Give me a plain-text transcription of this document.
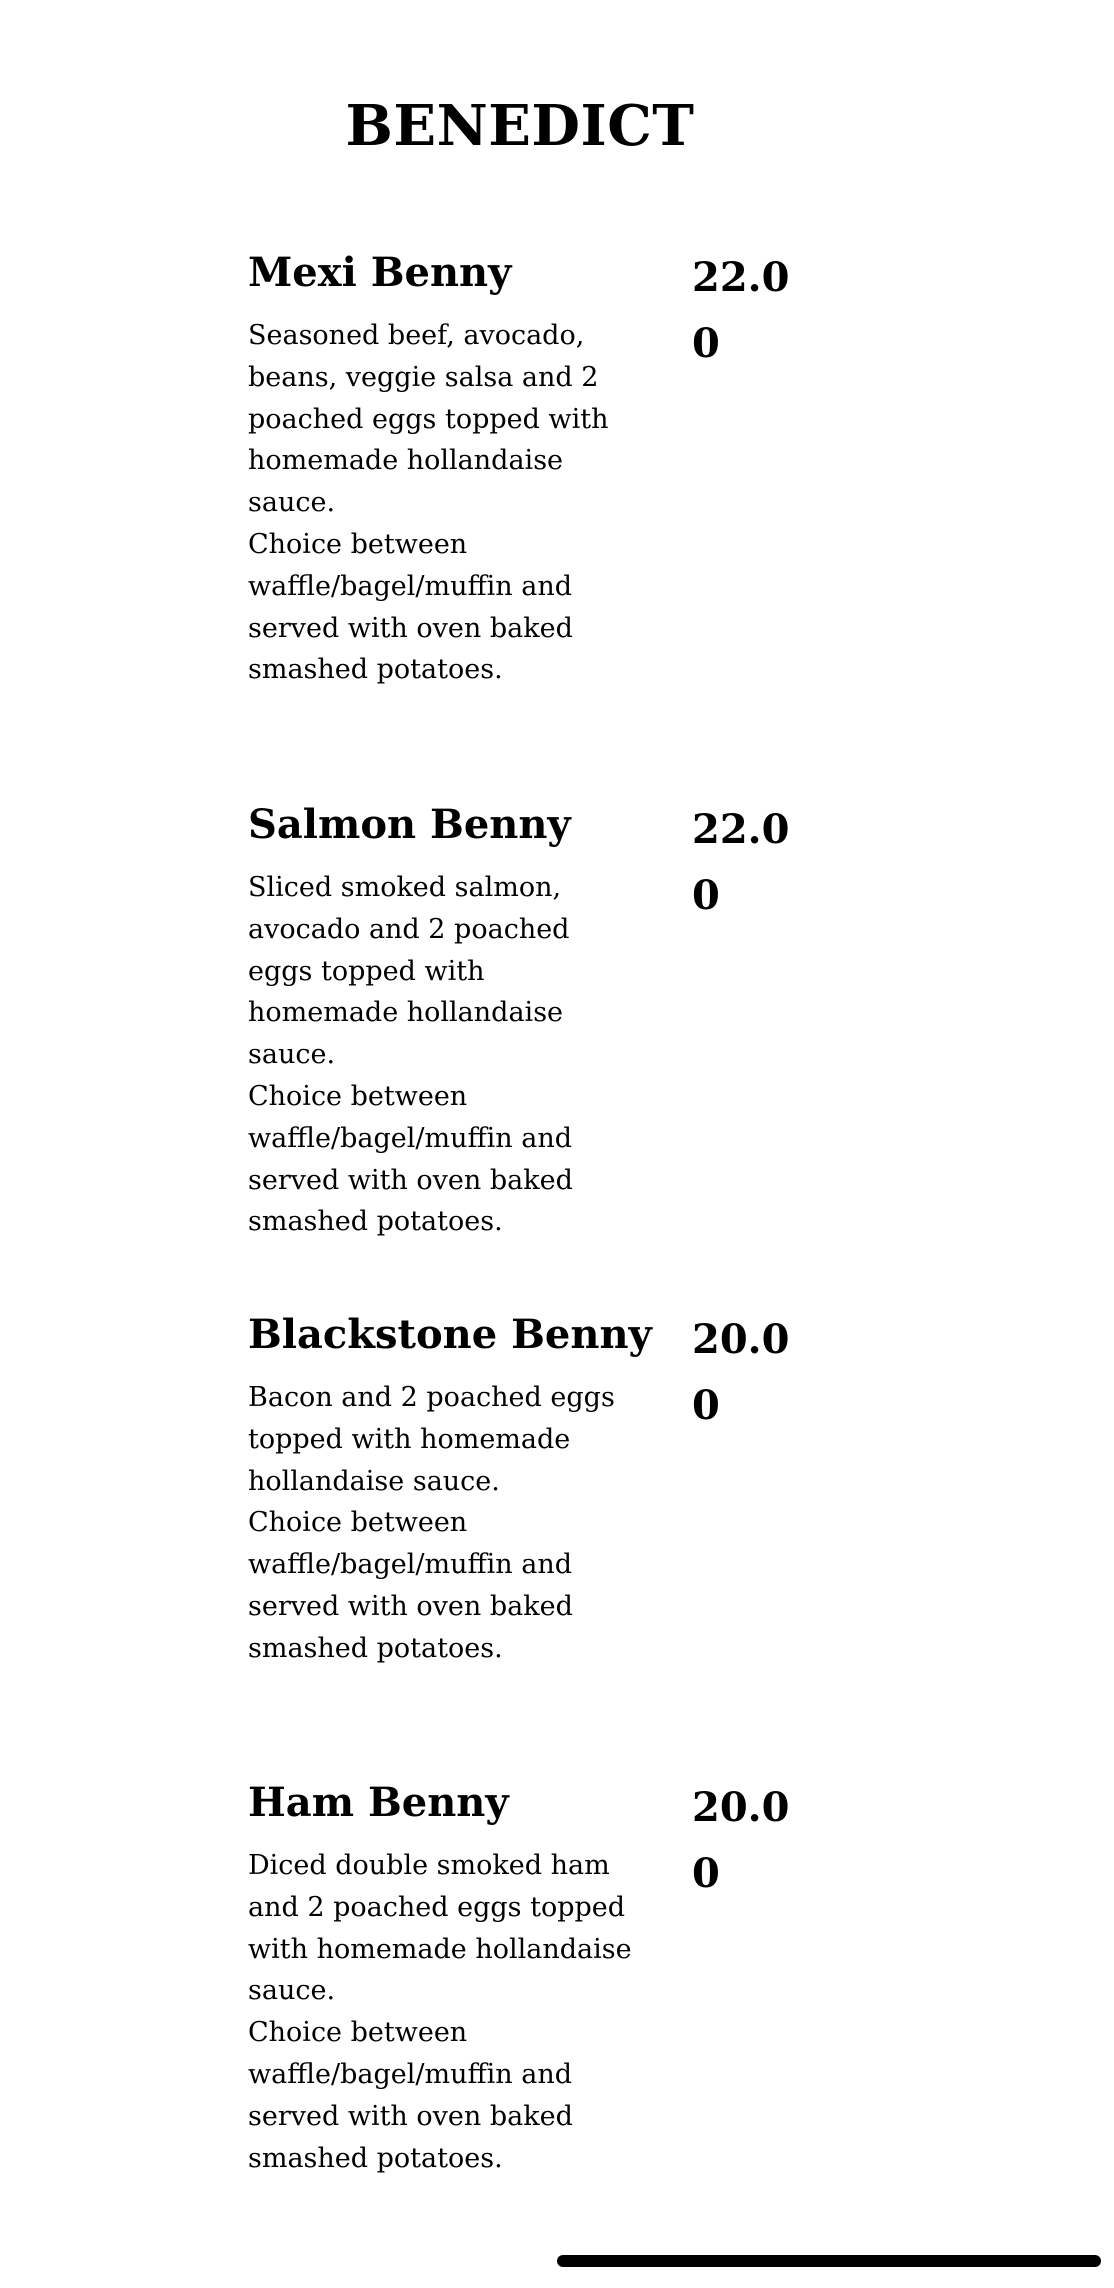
BENEDICT
Mexi Benny	22.00

Seasoned beef, avocado, beans, veggie salsa and 2 poached eggs topped with homemade hollandaise sauce.

Choice between waffle/bagel/muffin and served with oven baked smashed potatoes.

Salmon Benny	22.00

Sliced smoked salmon, avocado and 2 poached eggs topped with homemade hollandaise sauce.

Choice between waffle/bagel/muffin and served with oven baked smashed potatoes.

Blackstone Benny	20.00

Bacon and 2 poached eggs topped with homemade hollandaise sauce.

Choice between waffle/bagel/muffin and served with oven baked smashed potatoes.

Ham Benny	20.00

Diced double smoked ham and 2 poached eggs topped with homemade hollandaise sauce.

Choice between waffle/bagel/muffin and served with oven baked smashed potatoes.
